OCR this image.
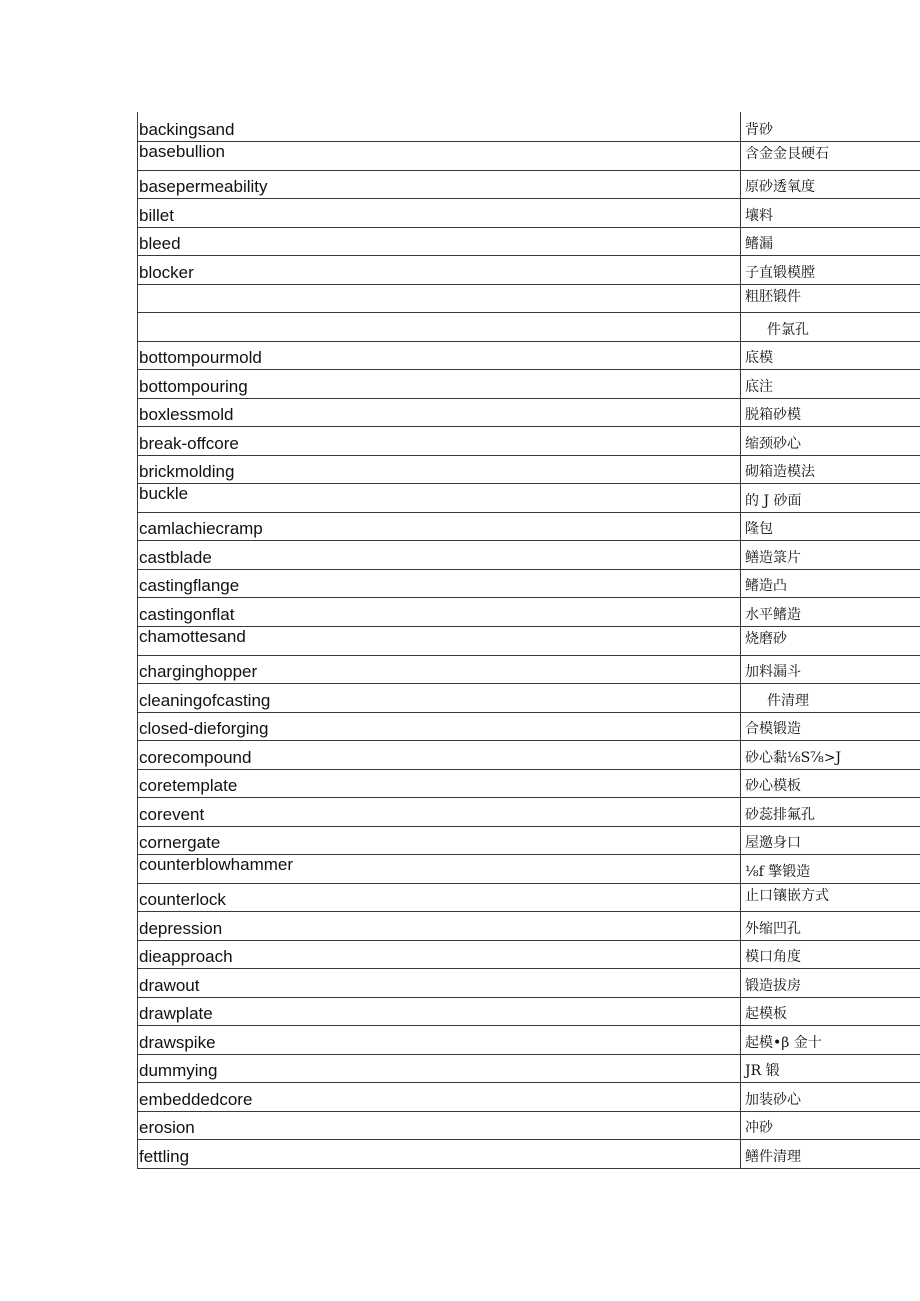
backingsand	背砂
basebullion	含金金艮硬石
basepermeability	原砂透氧度
billet	壤料
bleed	鳍漏
blocker	子直锻模膛
	粗胚锻件
	件氯孔
bottompourmold	底模
bottompouring	底注
boxlessmold	脱箱砂模
break-offcore	缩颈砂心
brickmolding	砌箱造模法
buckle	的 J 砂面
camlachiecramp	隆包
castblade	鳝造箓片
castingflange	鳍造凸
castingonflat	水平鳍造
chamottesand	烧磨砂
charginghopper	加料漏斗
cleaningofcasting	件清理
closed-dieforging	合模锻造
corecompound	砂心黏⅛S⅞>J
coretemplate	砂心模板
corevent	砂蕊排氟孔
cornergate	屋邀身口
counterblowhammer	⅛f 擎锻造
counterlock	止口镶嵌方式
depression	外缩凹孔
dieapproach	模口角度
drawout	锻造拔房
drawplate	起模板
drawspike	起模•β 金十
dummying	JR 锻
embeddedcore	加装砂心
erosion	冲砂
fettling	鳝件清理
